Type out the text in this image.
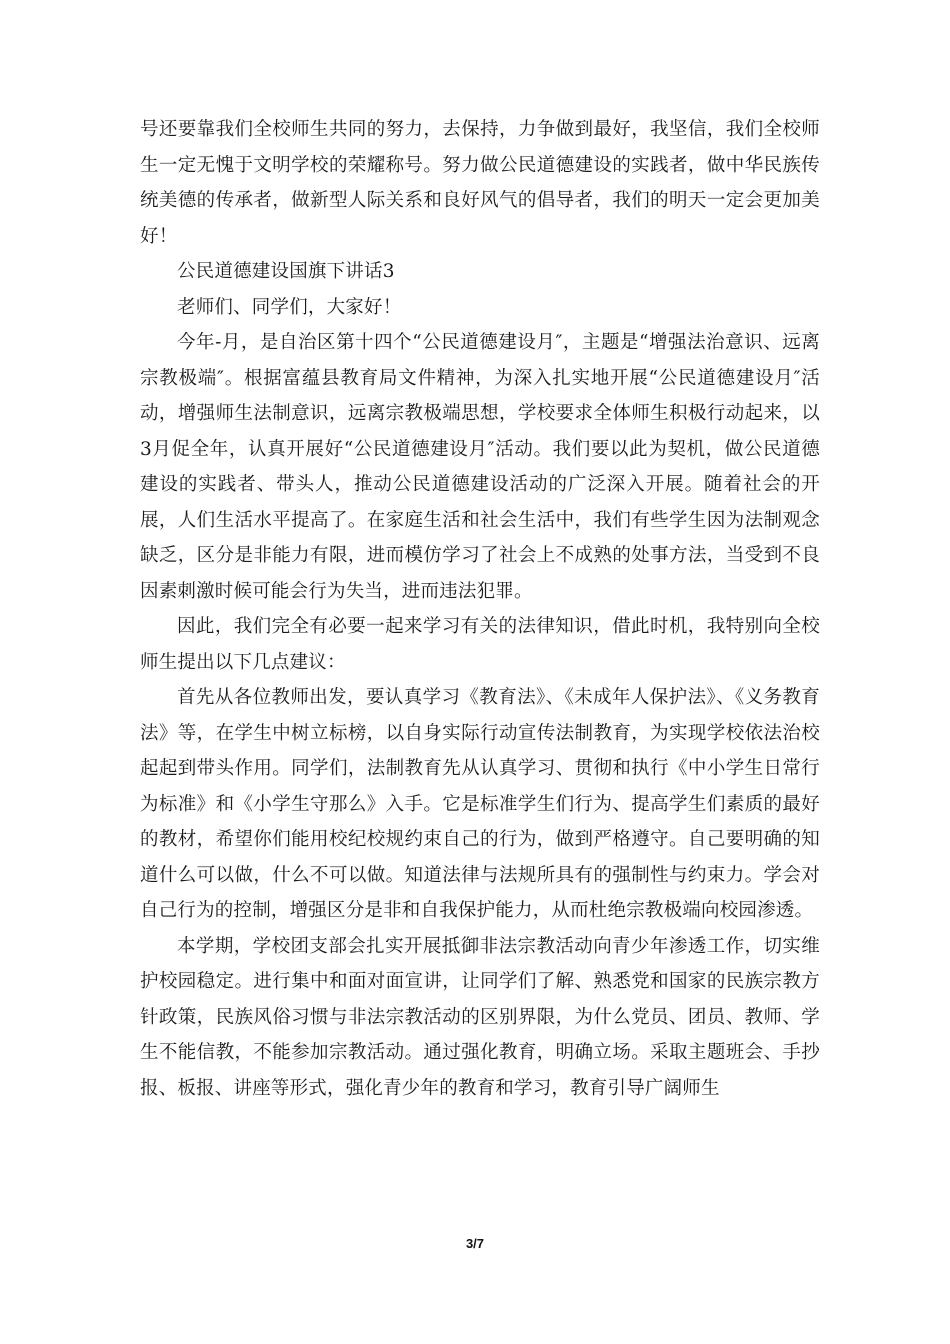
号还要靠我们全校师生共同的努力，去保持，力争做到最好，我坚信，我们全校师生一定无愧于文明学校的荣耀称号。努力做公民道德建设的实践者，做中华民族传统美德的传承者，做新型人际关系和良好风气的倡导者，我们的明天一定会更加美好！

公民道德建设国旗下讲话3

老师们、同学们，大家好！

今年-月，是自治区第十四个“公民道德建设月″，主题是“增强法治意识、远离宗教极端″。根据富蕴县教育局文件精神，为深入扎实地开展“公民道德建设月″活动，增强师生法制意识，远离宗教极端思想，学校要求全体师生积极行动起来，以3月促全年，认真开展好“公民道德建设月″活动。我们要以此为契机，做公民道德建设的实践者、带头人，推动公民道德建设活动的广泛深入开展。随着社会的开展，人们生活水平提高了。在家庭生活和社会生活中，我们有些学生因为法制观念缺乏，区分是非能力有限，进而模仿学习了社会上不成熟的处事方法，当受到不良因素刺激时候可能会行为失当，进而违法犯罪。

因此，我们完全有必要一起来学习有关的法律知识，借此时机，我特别向全校师生提出以下几点建议：

首先从各位教师出发，要认真学习《教育法》、《未成年人保护法》、《义务教育法》等，在学生中树立标榜，以自身实际行动宣传法制教育，为实现学校依法治校起起到带头作用。同学们，法制教育先从认真学习、贯彻和执行《中小学生日常行为标准》和《小学生守那么》入手。它是标准学生们行为、提高学生们素质的最好的教材，希望你们能用校纪校规约束自己的行为，做到严格遵守。自己要明确的知道什么可以做，什么不可以做。知道法律与法规所具有的强制性与约束力。学会对自己行为的控制，增强区分是非和自我保护能力，从而杜绝宗教极端向校园渗透。

本学期，学校团支部会扎实开展抵御非法宗教活动向青少年渗透工作，切实维护校园稳定。进行集中和面对面宣讲，让同学们了解、熟悉党和国家的民族宗教方针政策，民族风俗习惯与非法宗教活动的区别界限，为什么党员、团员、教师、学生不能信教，不能参加宗教活动。通过强化教育，明确立场。采取主题班会、手抄报、板报、讲座等形式，强化青少年的教育和学习，教育引导广阔师生

3/7
